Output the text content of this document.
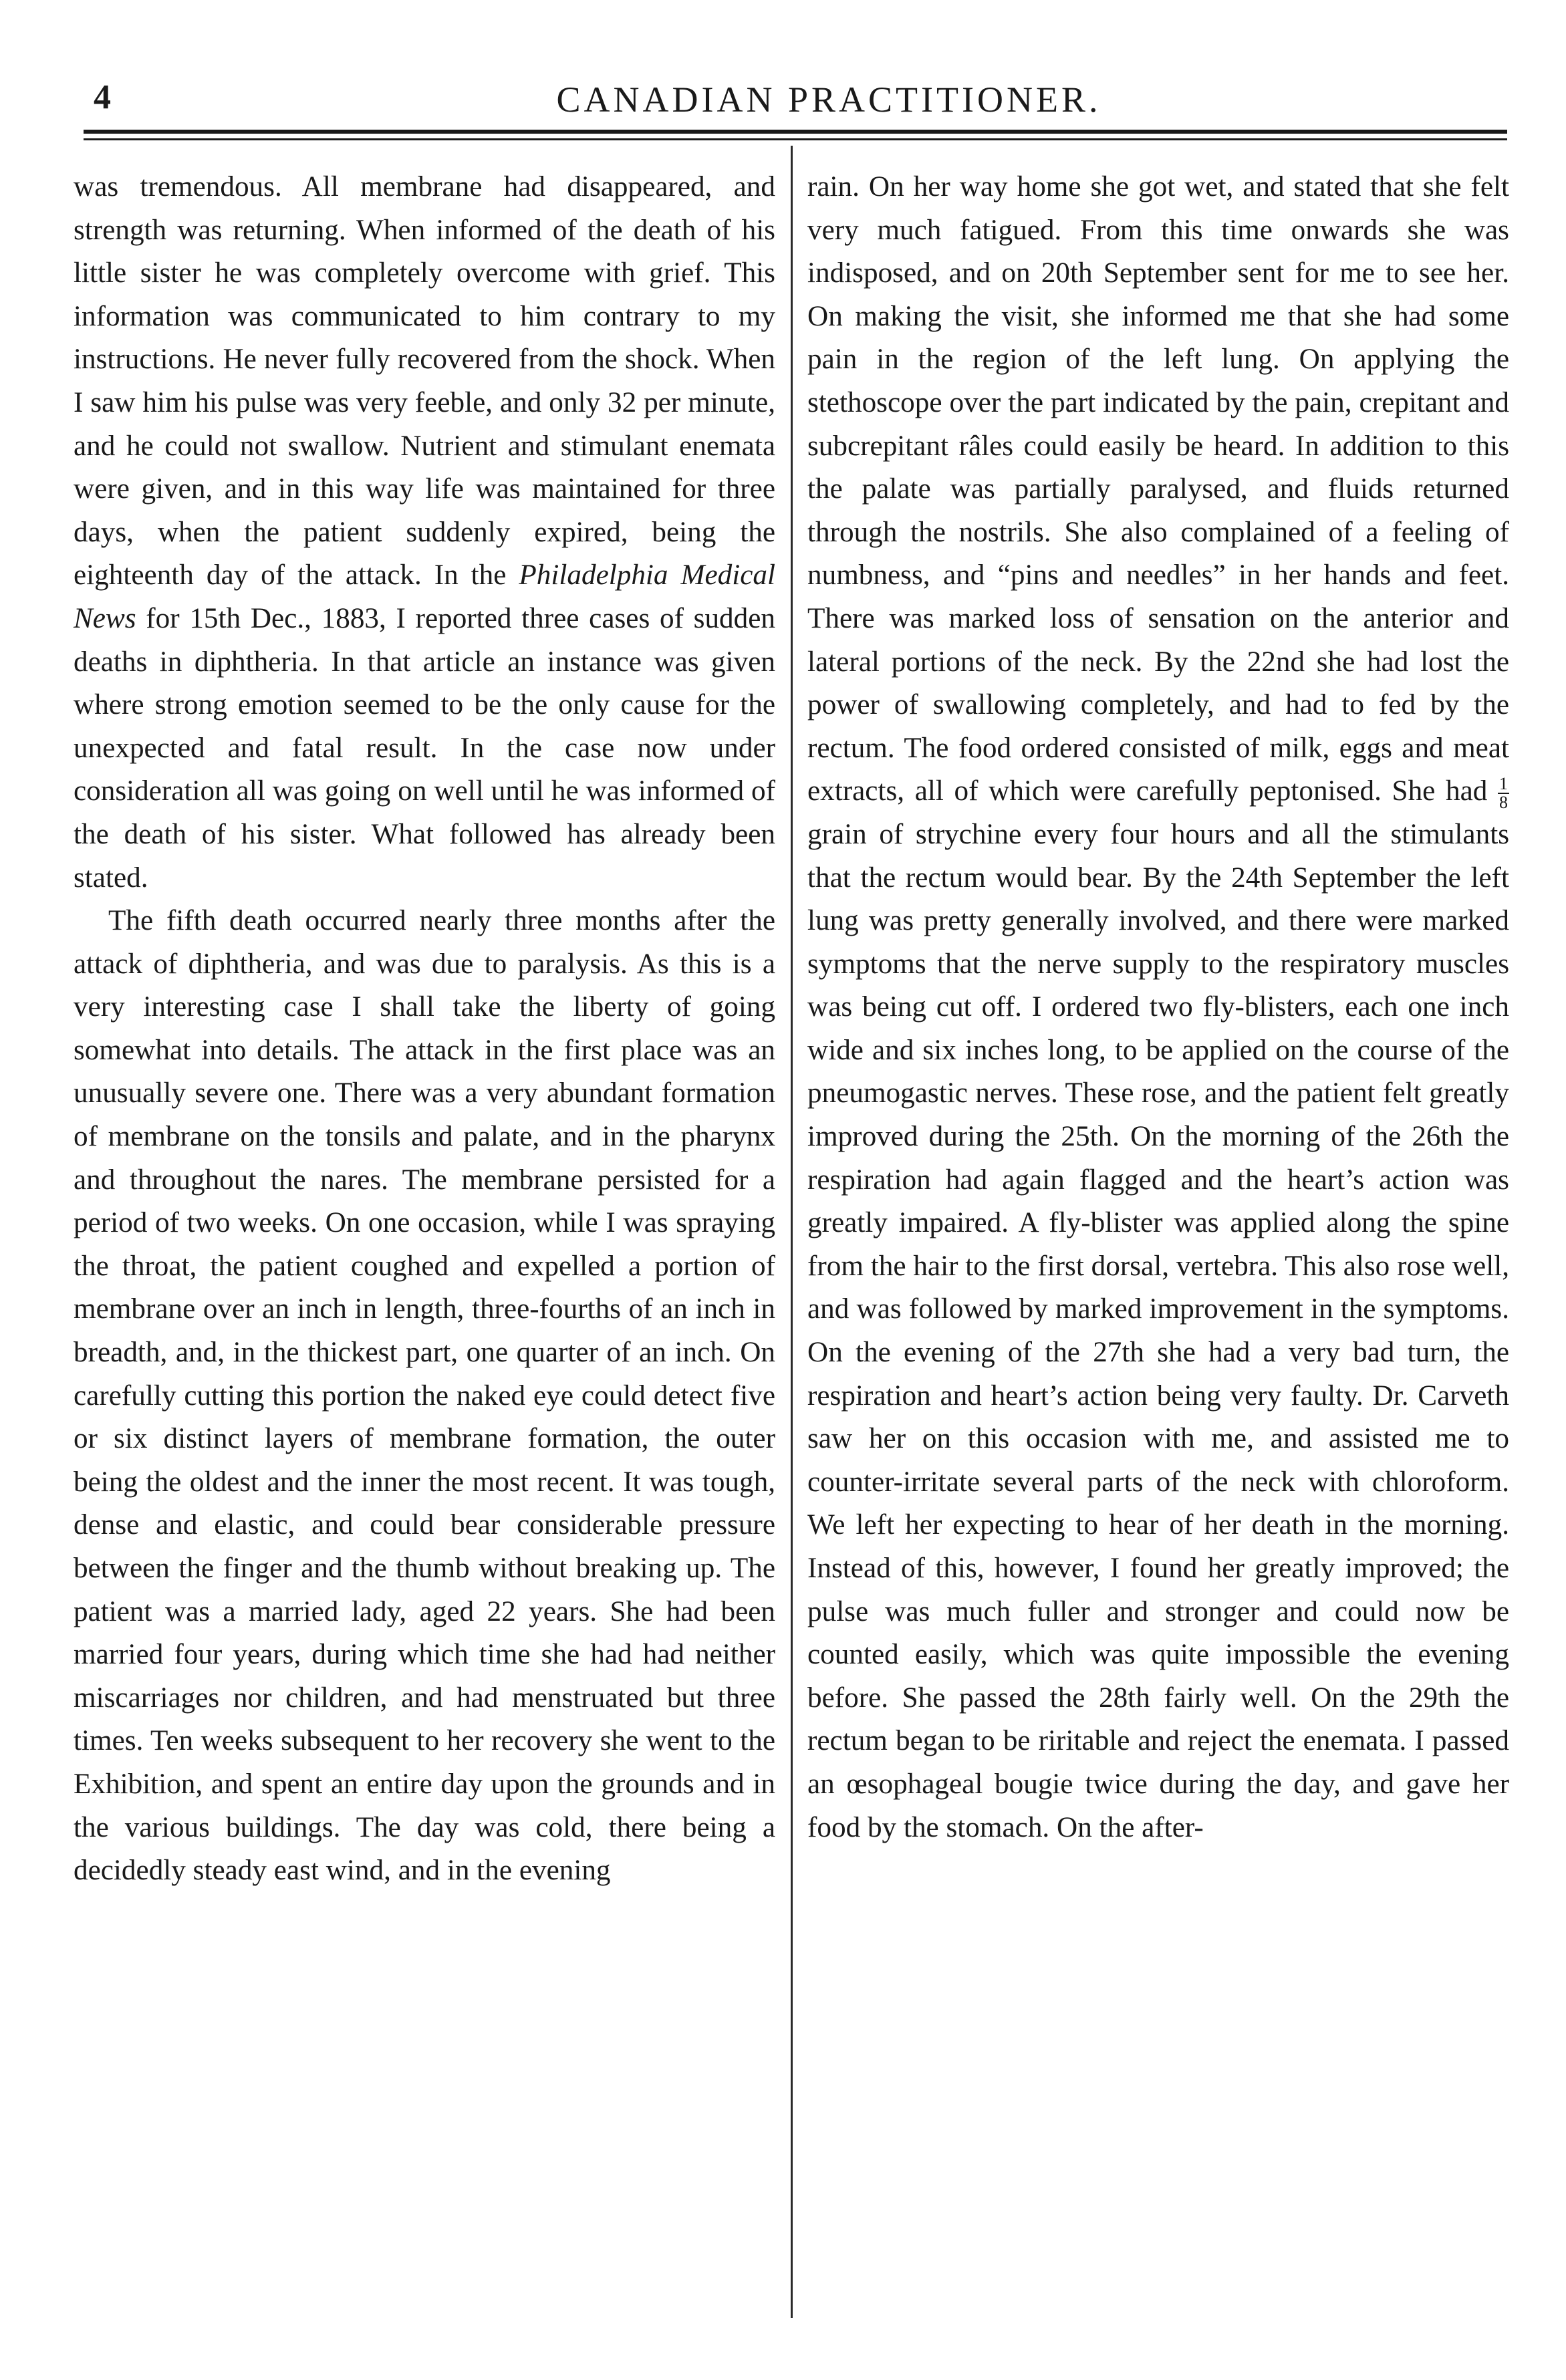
4	CANADIAN PRACTITIONER.

was tremendous. All membrane had disappeared, and strength was returning. When informed of the death of his little sister he was completely overcome with grief. This information was communicated to him contrary to my instructions. He never fully recovered from the shock. When I saw him his pulse was very feeble, and only 32 per minute, and he could not swallow. Nutrient and stimulant enemata were given, and in this way life was maintained for three days, when the patient suddenly expired, being the eighteenth day of the attack. In the Philadelphia Medical News for 15th Dec., 1883, I reported three cases of sudden deaths in diphtheria. In that article an instance was given where strong emotion seemed to be the only cause for the unexpected and fatal result. In the case now under consideration all was going on well until he was informed of the death of his sister. What followed has already been stated.

The fifth death occurred nearly three months after the attack of diphtheria, and was due to paralysis. As this is a very interesting case I shall take the liberty of going somewhat into details. The attack in the first place was an unusually severe one. There was a very abundant formation of membrane on the tonsils and palate, and in the pharynx and throughout the nares. The membrane persisted for a period of two weeks. On one occasion, while I was spraying the throat, the patient coughed and expelled a portion of membrane over an inch in length, three-fourths of an inch in breadth, and, in the thickest part, one quarter of an inch. On carefully cutting this portion the naked eye could detect five or six distinct layers of membrane formation, the outer being the oldest and the inner the most recent. It was tough, dense and elastic, and could bear considerable pressure between the finger and the thumb without breaking up. The patient was a married lady, aged 22 years. She had been married four years, during which time she had had neither miscarriages nor children, and had menstruated but three times. Ten weeks subsequent to her recovery she went to the Exhibition, and spent an entire day upon the grounds and in the various buildings. The day was cold, there being a decidedly steady east wind, and in the evening

rain. On her way home she got wet, and stated that she felt very much fatigued. From this time onwards she was indisposed, and on 20th September sent for me to see her. On making the visit, she informed me that she had some pain in the region of the left lung. On applying the stethoscope over the part indicated by the pain, crepitant and subcrepitant râles could easily be heard. In addition to this the palate was partially paralysed, and fluids returned through the nostrils. She also complained of a feeling of numbness, and “pins and needles” in her hands and feet. There was marked loss of sensation on the anterior and lateral portions of the neck. By the 22nd she had lost the power of swallowing completely, and had to fed by the rectum. The food ordered consisted of milk, eggs and meat extracts, all of which were carefully peptonised. She had $\frac{1}{8}$
grain of strychine every four hours and all the stimulants that the rectum would bear. By the 24th September the left lung was pretty generally involved, and there were marked symptoms that the nerve supply to the respiratory muscles was being cut off. I ordered two fly-blisters, each one inch wide and six inches long, to be applied on the course of the pneumogastic nerves. These rose, and the patient felt greatly improved during the 25th. On the morning of the 26th the respiration had again flagged and the heart’s action was greatly impaired. A fly-blister was applied along the spine from the hair to the first dorsal, vertebra. This also rose well, and was followed by marked improvement in the symptoms. On the evening of the 27th she had a very bad turn, the respiration and heart’s action being very faulty. Dr. Carveth saw her on this occasion with me, and assisted me to counter-irritate several parts of the neck with chloroform. We left her expecting to hear of her death in the morning. Instead of this, however, I found her greatly improved; the pulse was much fuller and stronger and could now be counted easily, which was quite impossible the evening before. She passed the 28th fairly well. On the 29th the rectum began to be riritable and reject the enemata. I passed an œsophageal bougie twice during the day, and gave her food by the stomach. On the after-
